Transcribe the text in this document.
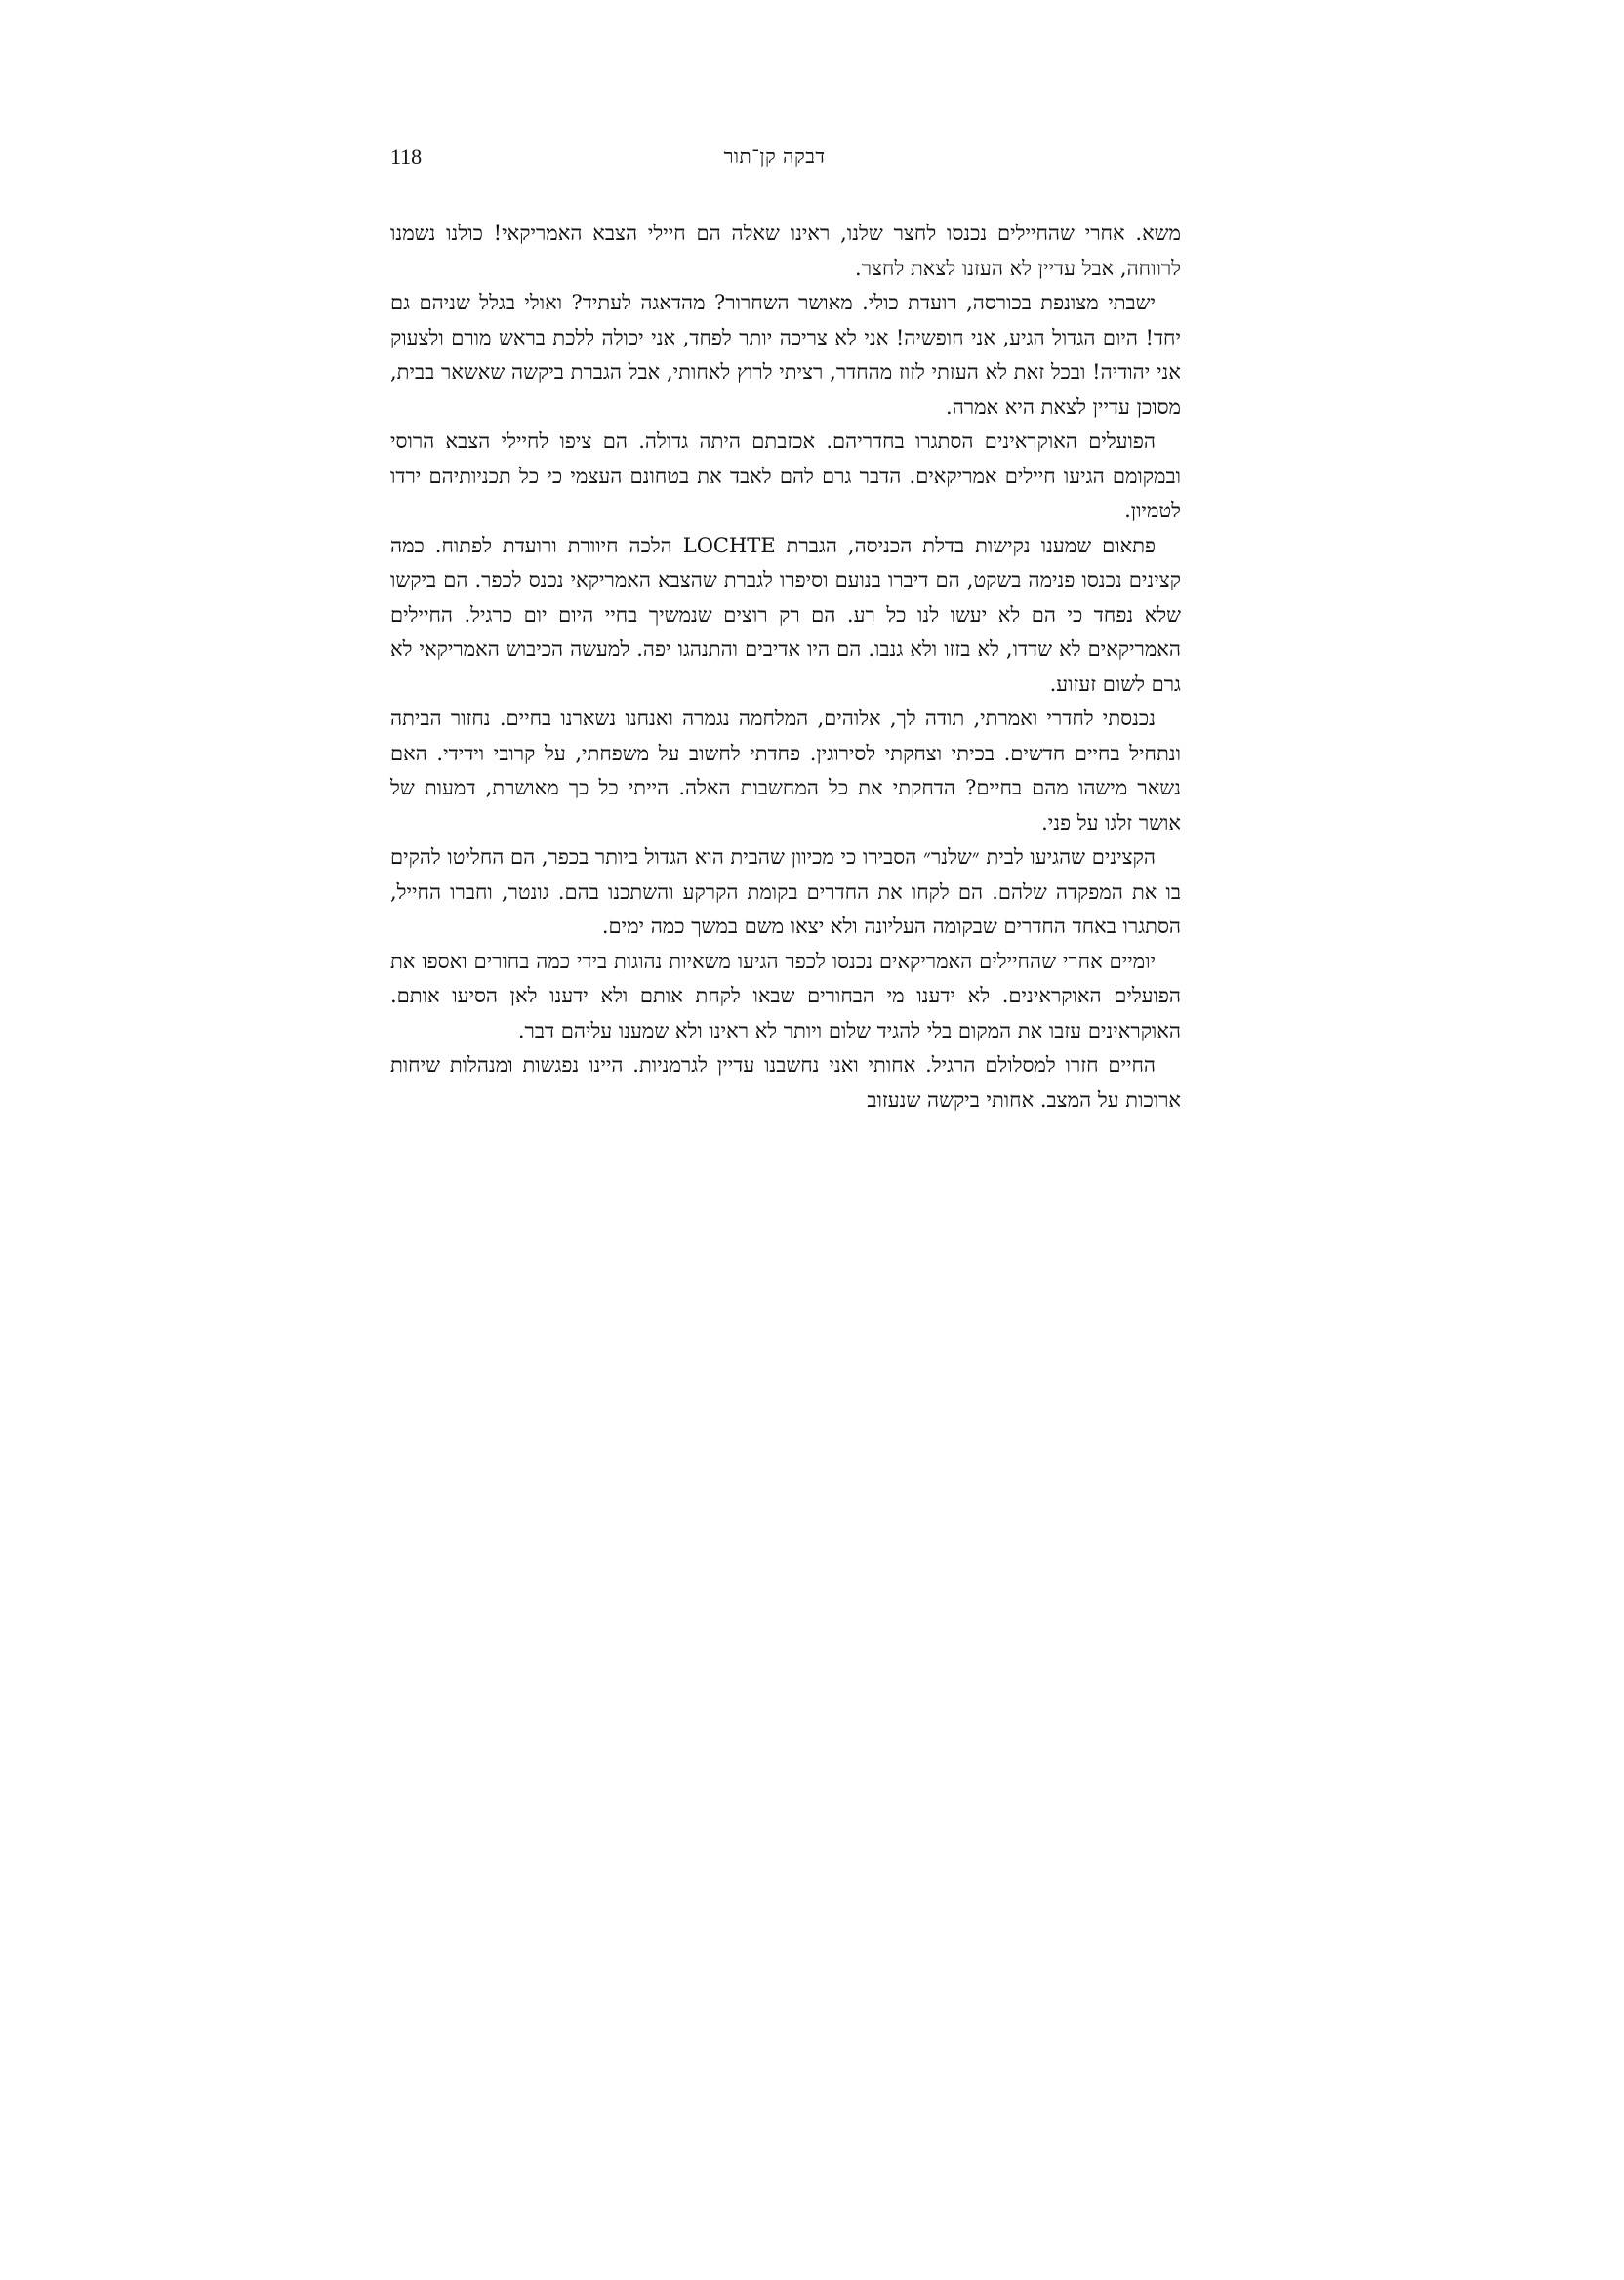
118	דבקה קן־תור

משא. אחרי שהחיילים נכנסו לחצר שלנו, ראינו שאלה הם חיילי הצבא האמריקאי! כולנו נשמנו לרווחה, אבל עדיין לא העזנו לצאת לחצר.

ישבתי מצונפת בכורסה, רועדת כולי. מאושר השחרור? מהדאגה לעתיד? ואולי בגלל שניהם גם יחד! היום הגדול הגיע, אני חופשיה! אני לא צריכה יותר לפחד, אני יכולה ללכת בראש מורם ולצעוק אני יהודיה! ובכל זאת לא העזתי לזוז מהחדר, רציתי לרוץ לאחותי, אבל הגברת ביקשה שאשאר בבית, מסוכן עדיין לצאת היא אמרה.

הפועלים האוקראינים הסתגרו בחדריהם. אכזבתם היתה גדולה. הם ציפו לחיילי הצבא הרוסי ובמקומם הגיעו חיילים אמריקאים. הדבר גרם להם לאבד את בטחונם העצמי כי כל תכניותיהם ירדו לטמיון.

פתאום שמענו נקישות בדלת הכניסה, הגברת LOCHTE הלכה חיוורת ורועדת לפתוח. כמה קצינים נכנסו פנימה בשקט, הם דיברו בנועם וסיפרו לגברת שהצבא האמריקאי נכנס לכפר. הם ביקשו שלא נפחד כי הם לא יעשו לנו כל רע. הם רק רוצים שנמשיך בחיי היום יום כרגיל. החיילים האמריקאים לא שדדו, לא בזזו ולא גנבו. הם היו אדיבים והתנהגו יפה. למעשה הכיבוש האמריקאי לא גרם לשום זעזוע.

נכנסתי לחדרי ואמרתי, תודה לך, אלוהים, המלחמה נגמרה ואנחנו נשארנו בחיים. נחזור הביתה ונתחיל בחיים חדשים. בכיתי וצחקתי לסירוגין. פחדתי לחשוב על משפחתי, על קרובי וידידי. האם נשאר מישהו מהם בחיים? הדחקתי את כל המחשבות האלה. הייתי כל כך מאושרת, דמעות של אושר זלגו על פני.

הקצינים שהגיעו לבית ״שלנר״ הסבירו כי מכיוון שהבית הוא הגדול ביותר בכפר, הם החליטו להקים בו את המפקדה שלהם. הם לקחו את החדרים בקומת הקרקע והשתכנו בהם. גונטר, וחברו החייל, הסתגרו באחד החדרים שבקומה העליונה ולא יצאו משם במשך כמה ימים.

יומיים אחרי שהחיילים האמריקאים נכנסו לכפר הגיעו משאיות נהוגות בידי כמה בחורים ואספו את הפועלים האוקראינים. לא ידענו מי הבחורים שבאו לקחת אותם ולא ידענו לאן הסיעו אותם. האוקראינים עזבו את המקום בלי להגיד שלום ויותר לא ראינו ולא שמענו עליהם דבר.

החיים חזרו למסלולם הרגיל. אחותי ואני נחשבנו עדיין לגרמניות. היינו נפגשות ומנהלות שיחות ארוכות על המצב. אחותי ביקשה שנעזוב
